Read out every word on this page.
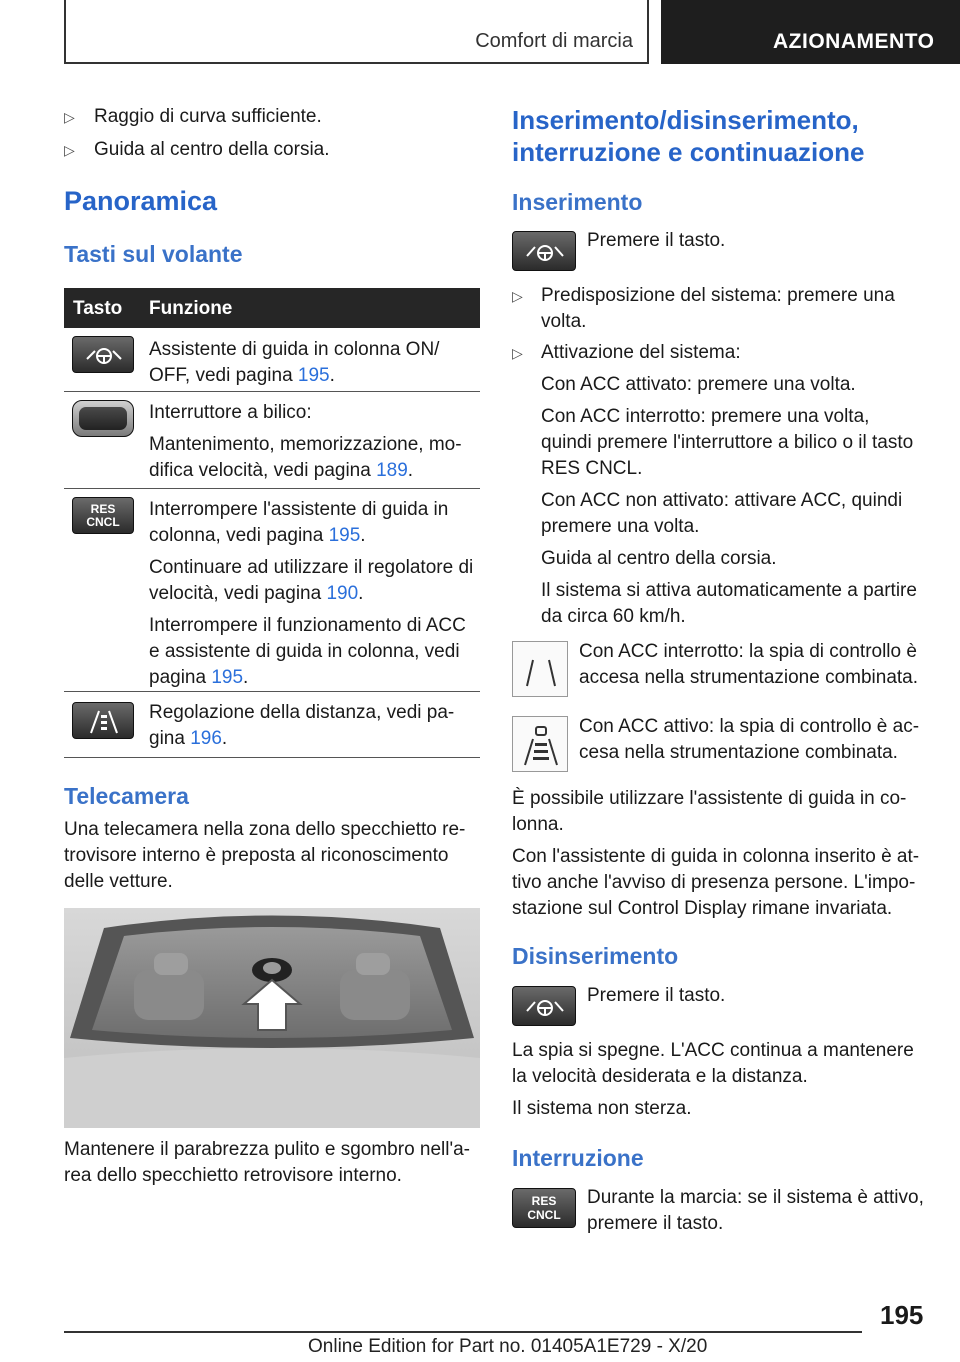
Comfort di marcia	AZIONAMENTO
▷ Raggio di curva sufficiente.
▷ Guida al centro della corsia.
Panoramica
Tasti sul volante
Tasto Funzione
Assistente di guida in colonna ON/
OFF, vedi pagina 195.
Interruttore a bilico:
Mantenimento, memorizzazione, mo-
difica velocità, vedi pagina 189.
RES
CNCL
Interrompere l'assistente di guida in
colonna, vedi pagina 195.
Continuare ad utilizzare il regolatore di
velocità, vedi pagina 190.
Interrompere il funzionamento di ACC
e assistente di guida in colonna, vedi
pagina 195.
Regolazione della distanza, vedi pa-
gina 196.
Telecamera
Una telecamera nella zona dello specchietto re-
trovisore interno è preposta al riconoscimento
delle vetture.
Mantenere il parabrezza pulito e sgombro nell'a-
rea dello specchietto retrovisore interno.
Inserimento/disinserimento,
interruzione e continuazione
Inserimento
Premere il tasto.
▷ Predisposizione del sistema: premere una
volta.
▷ Attivazione del sistema:
Con ACC attivato: premere una volta.
Con ACC interrotto: premere una volta,
quindi premere l'interruttore a bilico o il tasto
RES CNCL.
Con ACC non attivato: attivare ACC, quindi
premere una volta.
Guida al centro della corsia.
Il sistema si attiva automaticamente a partire
da circa 60 km/h.
Con ACC interrotto: la spia di controllo è
accesa nella strumentazione combinata.
Con ACC attivo: la spia di controllo è ac-
cesa nella strumentazione combinata.
È possibile utilizzare l'assistente di guida in co-
lonna.
Con l'assistente di guida in colonna inserito è at-
tivo anche l'avviso di presenza persone. L'impo-
stazione sul Control Display rimane invariata.
Disinserimento
Premere il tasto.
La spia si spegne. L'ACC continua a mantenere
la velocità desiderata e la distanza.
Il sistema non sterza.
Interruzione
RES
CNCL
Durante la marcia: se il sistema è attivo,
premere il tasto.
195
Online Edition for Part no. 01405A1E729 - X/20
